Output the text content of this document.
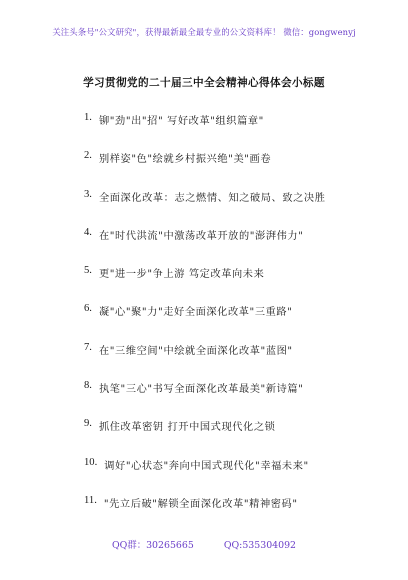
关注头条号"公文研究"，获得最新最全最专业的公文资料库！ 微信：gongwenyj
学习贯彻党的二十届三中全会精神心得体会小标题
1. 铆"劲"出"招" 写好改革"组织篇章"
2. 别样姿"色"绘就乡村振兴绝"美"画卷
3. 全面深化改革：志之燃情、知之破局、致之决胜
4. 在"时代洪流"中激荡改革开放的"澎湃伟力"
5. 更"进一步"争上游 笃定改革向未来
6. 凝"心"聚"力"走好全面深化改革"三重路"
7. 在"三维空间"中绘就全面深化改革"蓝图"
8. 执笔"三心"书写全面深化改革最美"新诗篇"
9. 抓住改革密钥 打开中国式现代化之锁
10. 调好"心状态"奔向中国式现代化"幸福未来"
11. "先立后破"解锁全面深化改革"精神密码"
QQ群：30265665	QQ:535304092
